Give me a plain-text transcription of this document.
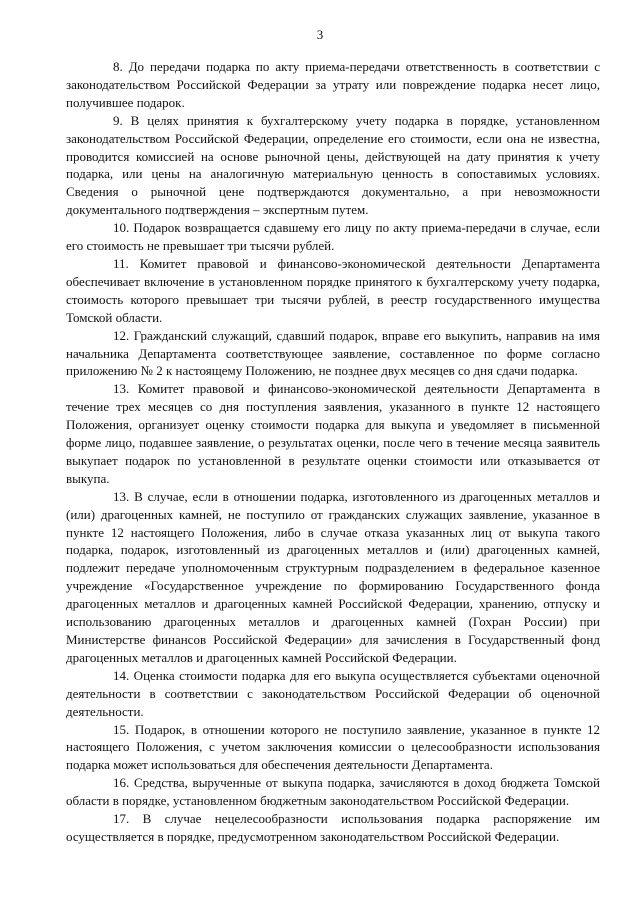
3

8. До передачи подарка по акту приема-передачи ответственность в соответствии с законодательством Российской Федерации за утрату или повреждение подарка несет лицо, получившее подарок.

9. В целях принятия к бухгалтерскому учету подарка в порядке, установленном законодательством Российской Федерации, определение его стоимости, если она не известна, проводится комиссией на основе рыночной цены, действующей на дату принятия к учету подарка, или цены на аналогичную материальную ценность в сопоставимых условиях. Сведения о рыночной цене подтверждаются документально, а при невозможности документального подтверждения – экспертным путем.

10. Подарок возвращается сдавшему его лицу по акту приема-передачи в случае, если его стоимость не превышает три тысячи рублей.

11. Комитет правовой и финансово-экономической деятельности Департамента обеспечивает включение в установленном порядке принятого к бухгалтерскому учету подарка, стоимость которого превышает три тысячи рублей, в реестр государственного имущества Томской области.

12. Гражданский служащий, сдавший подарок, вправе его выкупить, направив на имя начальника Департамента соответствующее заявление, составленное по форме согласно приложению № 2 к настоящему Положению, не позднее двух месяцев со дня сдачи подарка.

13. Комитет правовой и финансово-экономической деятельности Департамента в течение трех месяцев со дня поступления заявления, указанного в пункте 12 настоящего Положения, организует оценку стоимости подарка для выкупа и уведомляет в письменной форме лицо, подавшее заявление, о результатах оценки, после чего в течение месяца заявитель выкупает подарок по установленной в результате оценки стоимости или отказывается от выкупа.

13. В случае, если в отношении подарка, изготовленного из драгоценных металлов и (или) драгоценных камней, не поступило от гражданских служащих заявление, указанное в пункте 12 настоящего Положения, либо в случае отказа указанных лиц от выкупа такого подарка, подарок, изготовленный из драгоценных металлов и (или) драгоценных камней, подлежит передаче уполномоченным структурным подразделением в федеральное казенное учреждение «Государственное учреждение по формированию Государственного фонда драгоценных металлов и драгоценных камней Российской Федерации, хранению, отпуску и использованию драгоценных металлов и драгоценных камней (Гохран России) при Министерстве финансов Российской Федерации» для зачисления в Государственный фонд драгоценных металлов и драгоценных камней Российской Федерации.

14. Оценка стоимости подарка для его выкупа осуществляется субъектами оценочной деятельности в соответствии с законодательством Российской Федерации об оценочной деятельности.

15. Подарок, в отношении которого не поступило заявление, указанное в пункте 12 настоящего Положения, с учетом заключения комиссии о целесообразности использования подарка может использоваться для обеспечения деятельности Департамента.

16. Средства, вырученные от выкупа подарка, зачисляются в доход бюджета Томской области в порядке, установленном бюджетным законодательством Российской Федерации.

17. В случае нецелесообразности использования подарка распоряжение им осуществляется в порядке, предусмотренном законодательством Российской Федерации.
